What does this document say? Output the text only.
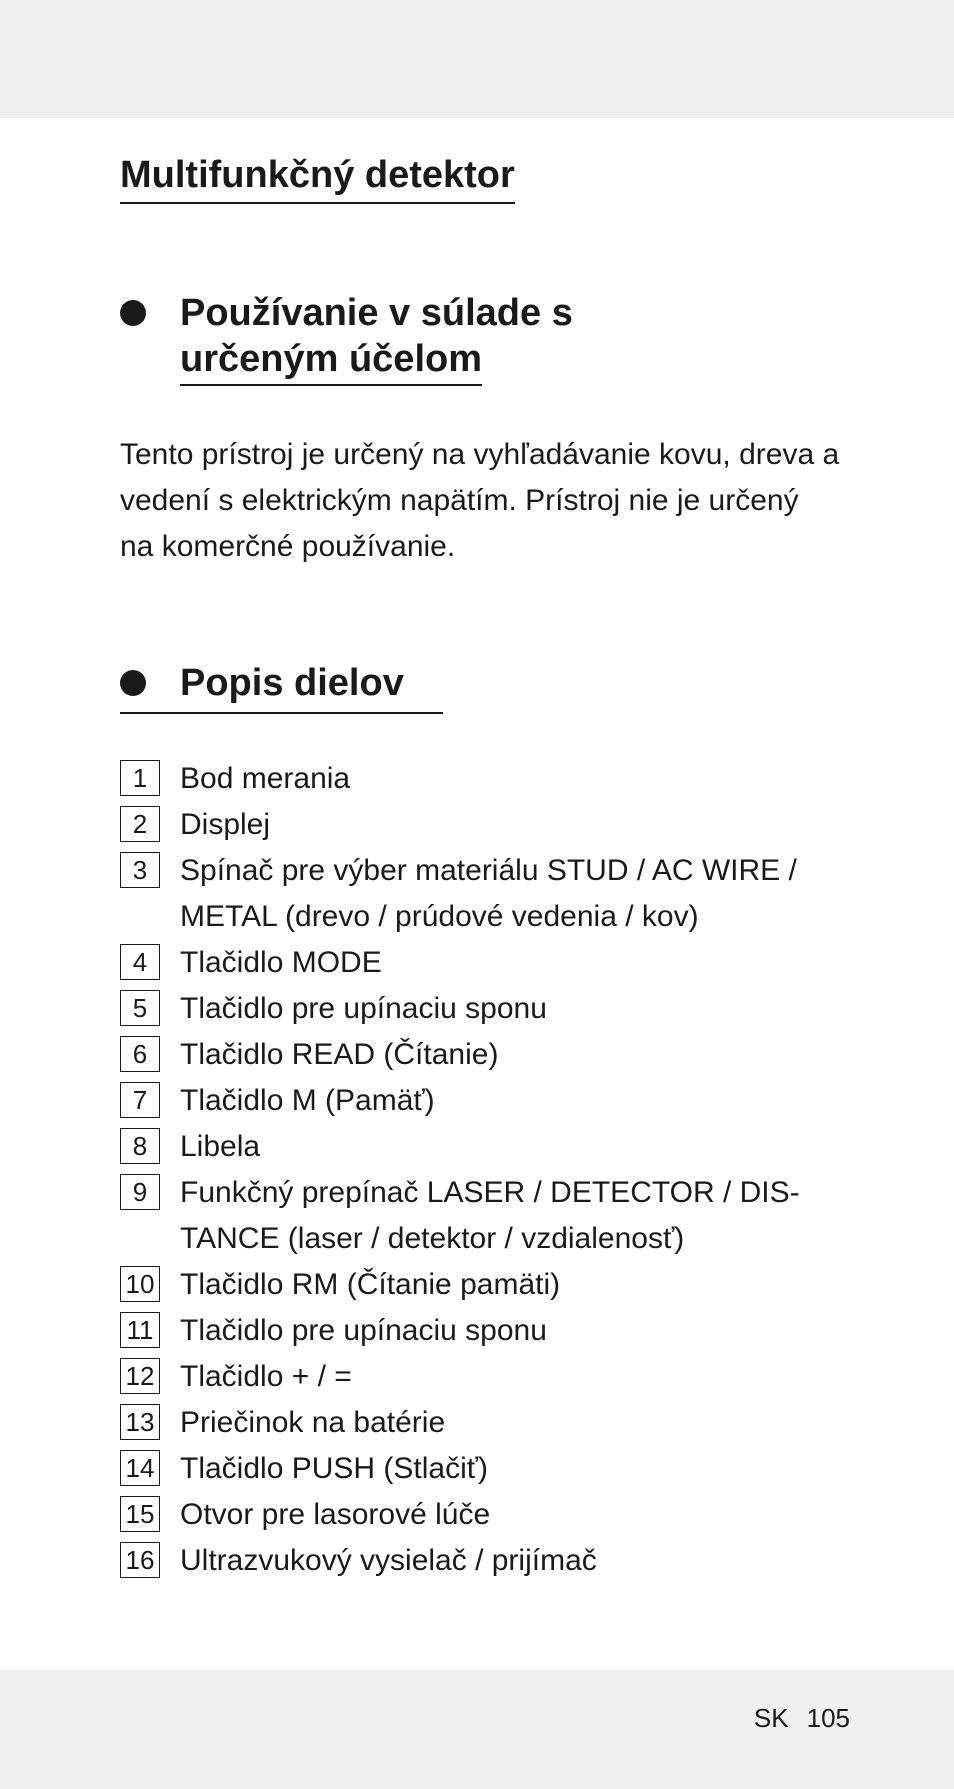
Multifunkčný detektor
Používanie v súlade s
určeným účelom

Tento prístroj je určený na vyhľadávanie kovu, dreva a vedení s elektrickým napätím. Prístroj nie je určený na komerčné používanie.

Popis dielov
1	Bod merania
2	Displej
3	Spínač pre výber materiálu STUD / AC WIRE / METAL (drevo / prúdové vedenia / kov)
4	Tlačidlo MODE
5	Tlačidlo pre upínaciu sponu
6	Tlačidlo READ (Čítanie)
7	Tlačidlo M (Pamäť)
8	Libela
9	Funkčný prepínač LASER / DETECTOR / DIS- TANCE (laser / detektor / vzdialenosť)
10 Tlačidlo RM (Čítanie pamäti)
11 Tlačidlo pre upínaciu sponu
12 Tlačidlo + / =
13 Priečinok na batérie
14 Tlačidlo PUSH (Stlačiť)
15 Otvor pre lasorové lúče
16 Ultrazvukový vysielač / prijímač
SK 105
